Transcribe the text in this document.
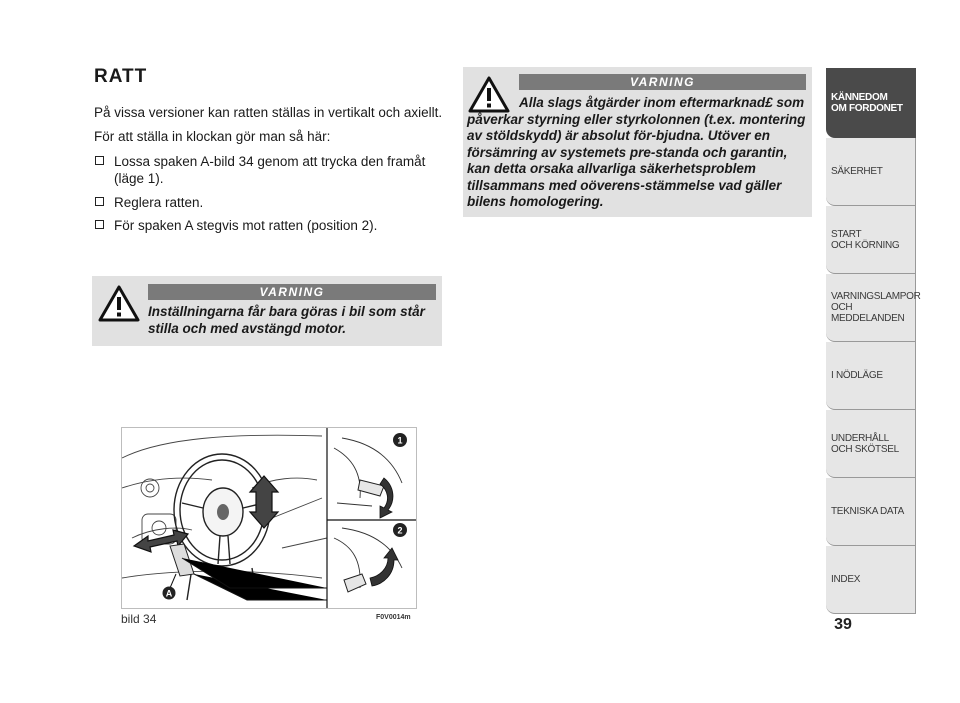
RATT
På vissa versioner kan ratten ställas in vertikalt och axiellt.
För att ställa in klockan gör man så här:
Lossa spaken A-bild 34 genom att trycka den framåt (läge 1).
Reglera ratten.
För spaken A stegvis mot ratten (position 2).
VARNING
Inställningarna får bara göras i bil som står stilla och med avstängd motor.
VARNING
Alla slags åtgärder inom eftermarknad£ som påverkar styrning eller styrkolonnen (t.ex. montering av stöldskydd) är absolut för-bjudna. Utöver en försämring av systemets pre-standa och garantin, kan detta orsaka allvarliga säkerhetsproblem tillsammans med oöverens-stämmelse vad gäller bilens homologering.
A
1
2
bild 34	F0V0014m
KÄNNEDOM
OM FORDONET
SÄKERHET
START
OCH KÖRNING
VARNINGSLAMPOR
OCH
MEDDELANDEN
I NÖDLÄGE
UNDERHÅLL
OCH SKÖTSEL
TEKNISKA DATA
INDEX
39
